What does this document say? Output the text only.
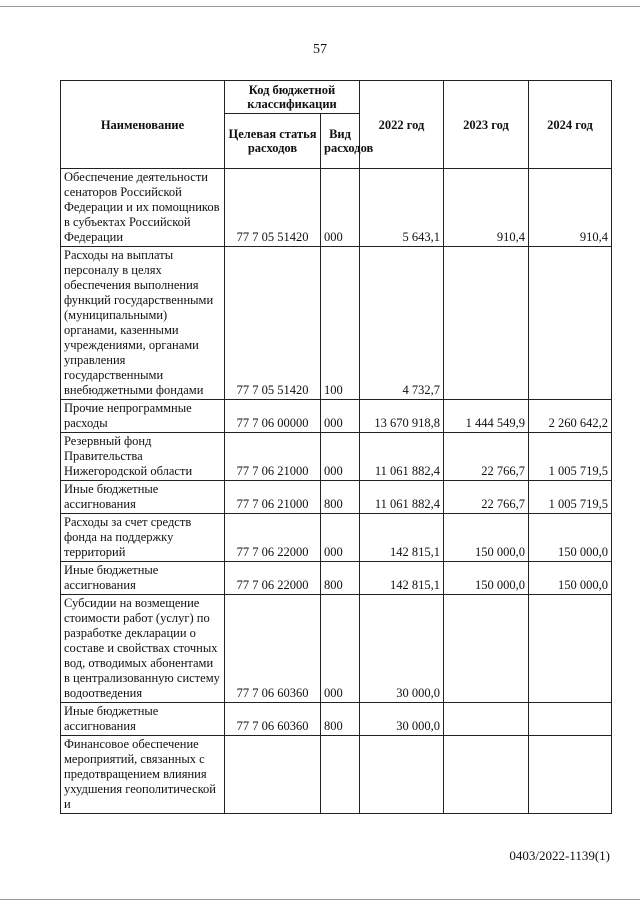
57
Наименование	Код бюджетной классификации		2022 год	2023 год	2024 год
	Целевая статья расходов	Вид расходов			
Обеспечение деятельности сенаторов Российской Федерации и их помощников в субъектах Российской Федерации	77 7 05 51420	000	5 643,1	910,4	910,4
Расходы на выплаты персоналу в целях обеспечения выполнения функций государственными (муниципальными) органами, казенными учреждениями, органами управления государственными внебюджетными фондами	77 7 05 51420	100	4 732,7		
Прочие непрограммные расходы	77 7 06 00000	000	13 670 918,8	1 444 549,9	2 260 642,2
Резервный фонд Правительства Нижегородской области	77 7 06 21000	000	11 061 882,4	22 766,7	1 005 719,5
Иные бюджетные ассигнования	77 7 06 21000	800	11 061 882,4	22 766,7	1 005 719,5
Расходы за счет средств фонда на поддержку территорий	77 7 06 22000	000	142 815,1	150 000,0	150 000,0
Иные бюджетные ассигнования	77 7 06 22000	800	142 815,1	150 000,0	150 000,0
Субсидии на возмещение стоимости работ (услуг) по разработке декларации о составе и свойствах сточных вод, отводимых абонентами в централизованную систему водоотведения	77 7 06 60360	000	30 000,0		
Иные бюджетные ассигнования	77 7 06 60360	800	30 000,0		
Финансовое обеспечение мероприятий, связанных с предотвращением влияния ухудшения геополитической и					
0403/2022-1139(1)
